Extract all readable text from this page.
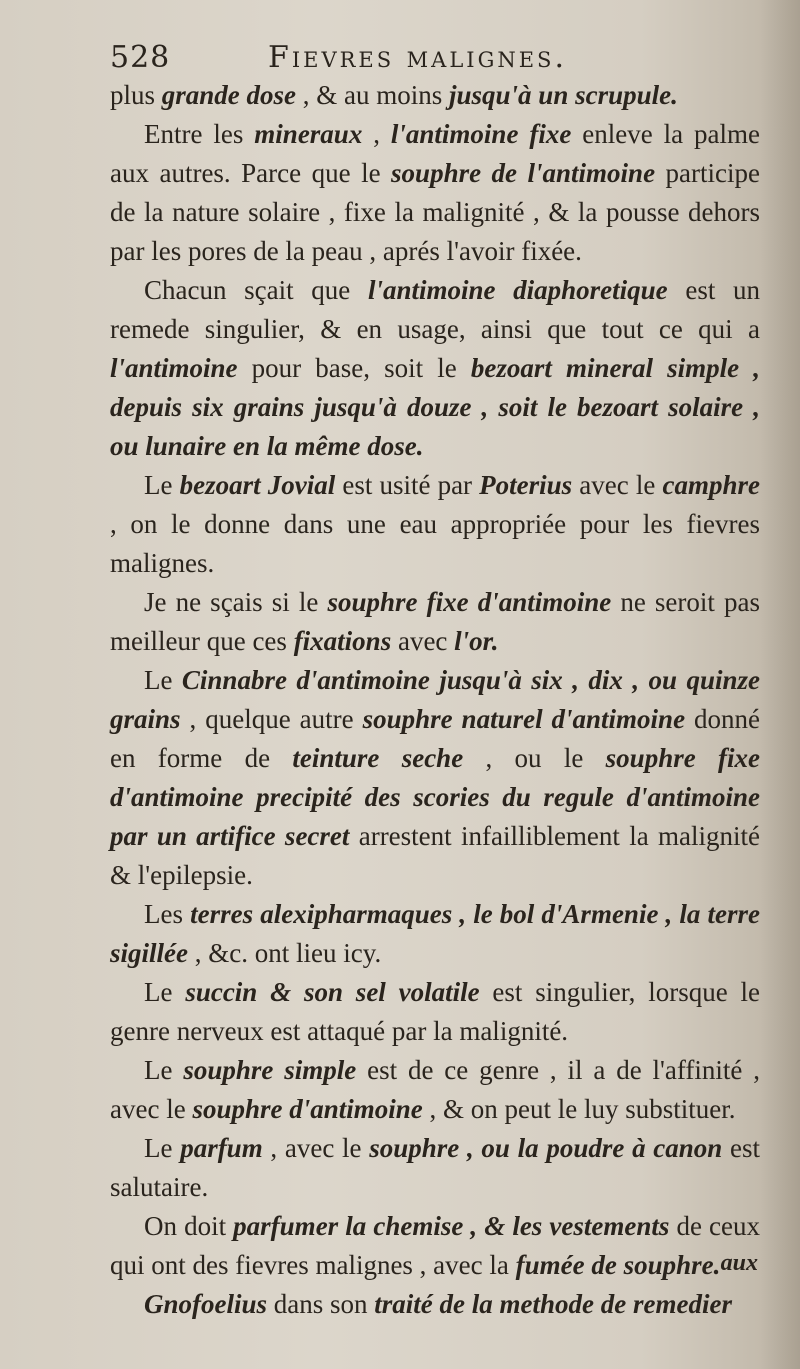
528	Fievres malignes.

plus grande dose , & au moins jusqu'à un scrupule.

Entre les mineraux , l'antimoine fixe enleve la palme aux autres. Parce que le souphre de l'antimoine participe de la nature solaire , fixe la malignité , & la pousse dehors par les pores de la peau , aprés l'avoir fixée.

Chacun sçait que l'antimoine diaphoretique est un remede singulier, & en usage, ainsi que tout ce qui a l'antimoine pour base, soit le bezoart mineral simple , depuis six grains jusqu'à douze , soit le bezoart solaire , ou lunaire en la même dose.

Le bezoart Jovial est usité par Poterius avec le camphre , on le donne dans une eau appropriée pour les fievres malignes.

Je ne sçais si le souphre fixe d'antimoine ne seroit pas meilleur que ces fixations avec l'or.

Le Cinnabre d'antimoine jusqu'à six , dix , ou quinze grains , quelque autre souphre naturel d'antimoine donné en forme de teinture seche , ou le souphre fixe d'antimoine precipité des scories du regule d'antimoine par un artifice secret arrestent infailliblement la malignité & l'epilepsie.

Les terres alexipharmaques , le bol d'Armenie , la terre sigillée , &c. ont lieu icy.

Le succin & son sel volatile est singulier, lorsque le genre nerveux est attaqué par la malignité.

Le souphre simple est de ce genre , il a de l'affinité , avec le souphre d'antimoine , & on peut le luy substituer.

Le parfum , avec le souphre , ou la poudre à canon est salutaire.

On doit parfumer la chemise , & les vestements de ceux qui ont des fievres malignes , avec la fumée de souphre.

Gnofoelius dans son traité de la methode de remedier

aux
